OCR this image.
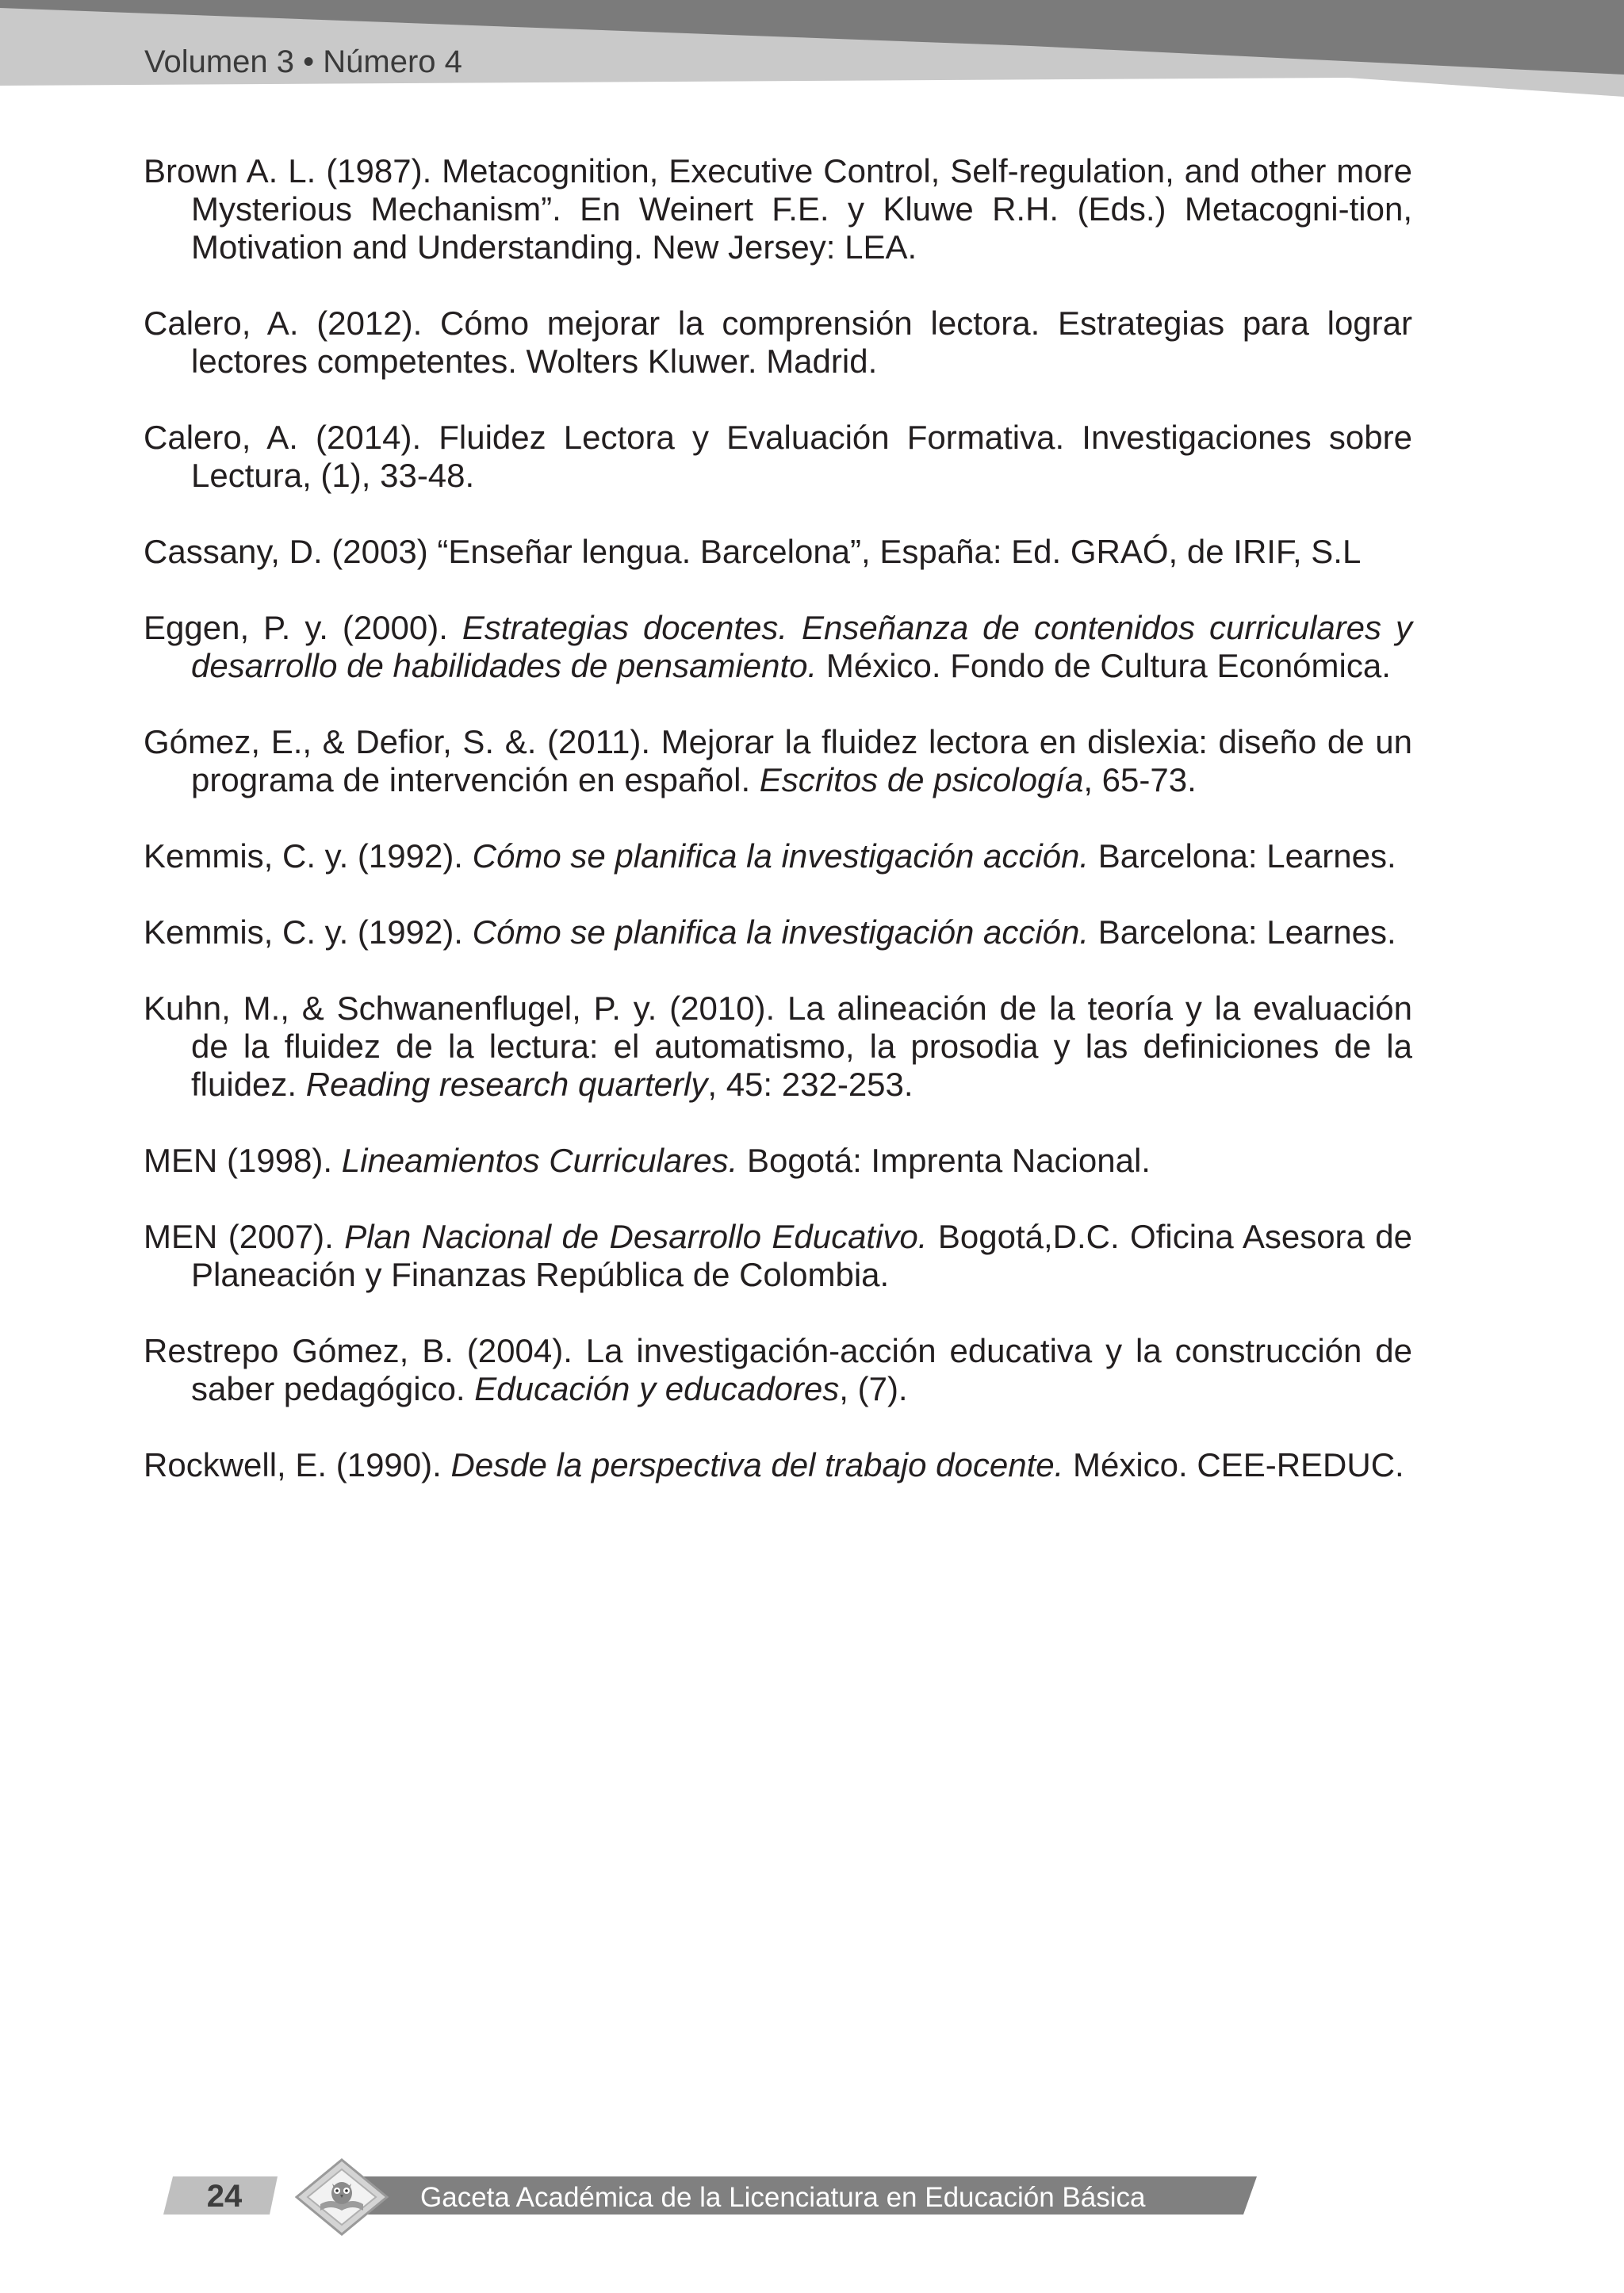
Volumen 3 • Número 4
Brown A. L. (1987). Metacognition, Executive Control, Self-regulation, and other more Mysterious Mechanism”. En Weinert F.E. y Kluwe R.H. (Eds.) Metacogni-tion, Motivation and Understanding. New Jersey: LEA.
Calero, A. (2012). Cómo mejorar la comprensión lectora. Estrategias para lograr lectores competentes. Wolters Kluwer. Madrid.
Calero, A. (2014). Fluidez Lectora y Evaluación Formativa. Investigaciones sobre Lectura, (1), 33-48.
Cassany, D. (2003) “Enseñar lengua. Barcelona”, España: Ed. GRAÓ, de IRIF, S.L
Eggen, P. y. (2000). Estrategias docentes. Enseñanza de contenidos curriculares y desarrollo de habilidades de pensamiento. México. Fondo de Cultura Económica.
Gómez, E., & Defior, S. &. (2011). Mejorar la fluidez lectora en dislexia: diseño de un programa de intervención en español. Escritos de psicología, 65-73.
Kemmis, C. y. (1992). Cómo se planifica la investigación acción. Barcelona: Learnes.
Kemmis, C. y. (1992). Cómo se planifica la investigación acción. Barcelona: Learnes.
Kuhn, M., & Schwanenflugel, P. y. (2010). La alineación de la teoría y la evaluación de la fluidez de la lectura: el automatismo, la prosodia y las definiciones de la fluidez. Reading research quarterly, 45: 232-253.
MEN (1998). Lineamientos Curriculares. Bogotá: Imprenta Nacional.
MEN (2007). Plan Nacional de Desarrollo Educativo. Bogotá,D.C. Oficina Asesora de Planeación y Finanzas República de Colombia.
Restrepo Gómez, B. (2004). La investigación-acción educativa y la construcción de saber pedagógico. Educación y educadores, (7).
Rockwell, E. (1990). Desde la perspectiva del trabajo docente. México. CEE-REDUC.
24	Gaceta Académica de la Licenciatura en Educación Básica
